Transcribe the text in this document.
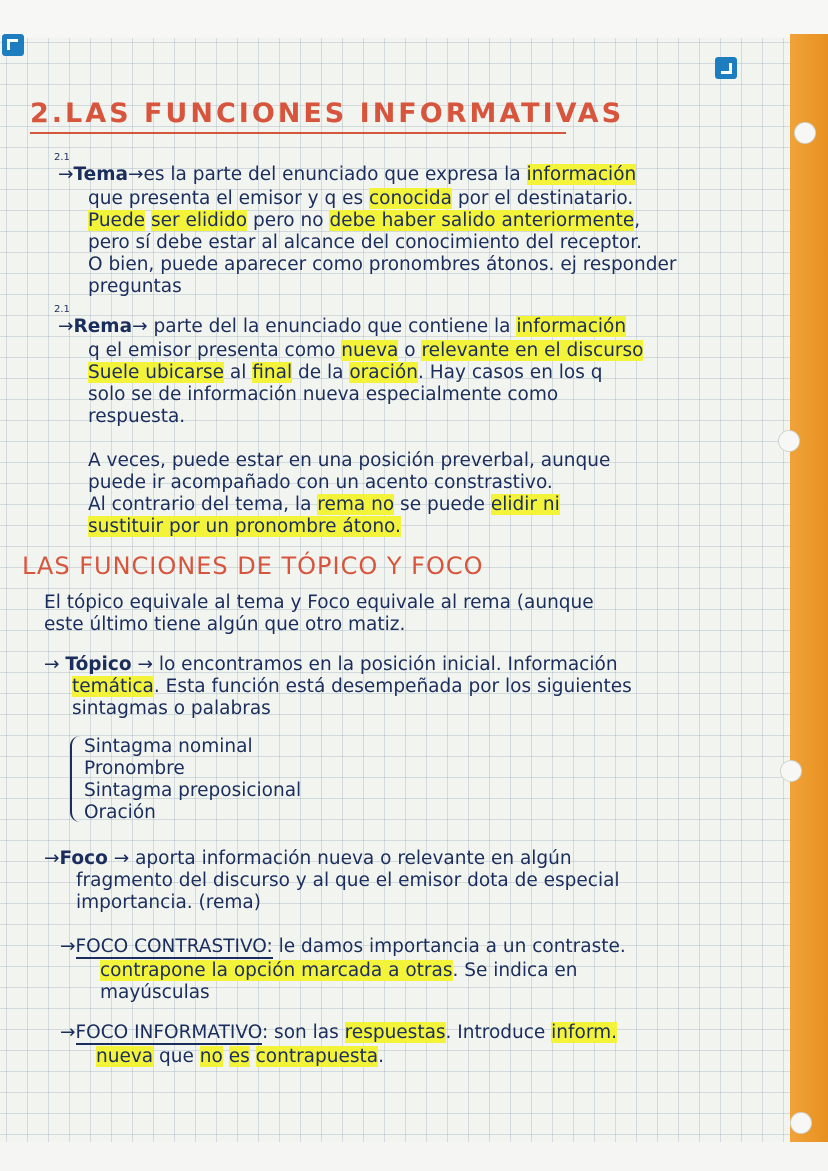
2.LAS FUNCIONES INFORMATIVAS
2.1
→Tema→es la parte del enunciado que expresa la información
que presenta el emisor y q es conocida por el destinatario.
Puede ser elidido pero no debe haber salido anteriormente,
pero sí debe estar al alcance del conocimiento del receptor.
O bien, puede aparecer como pronombres átonos. ej responder
preguntas
2.1
→Rema→ parte del la enunciado que contiene la información
q el emisor presenta como nueva o relevante en el discurso
Suele ubicarse al final de la oración. Hay casos en los q
solo se de información nueva especialmente como
respuesta.
A veces, puede estar en una posición preverbal, aunque
puede ir acompañado con un acento constrastivo.
Al contrario del tema, la rema no se puede elidir ni
sustituir por un pronombre átono.
LAS FUNCIONES DE TÓPICO Y FOCO
El tópico equivale al tema y Foco equivale al rema (aunque
este último tiene algún que otro matiz.
→ Tópico → lo encontramos en la posición inicial. Información
temática. Esta función está desempeñada por los siguientes
sintagmas o palabras
Sintagma nominal
Pronombre
Sintagma preposicional
Oración
→Foco → aporta información nueva o relevante en algún
fragmento del discurso y al que el emisor dota de especial
importancia. (rema)
→FOCO CONTRASTIVO: le damos importancia a un contraste.
contrapone la opción marcada a otras. Se indica en
mayúsculas
→FOCO INFORMATIVO: son las respuestas. Introduce inform.
nueva que no es contrapuesta.
